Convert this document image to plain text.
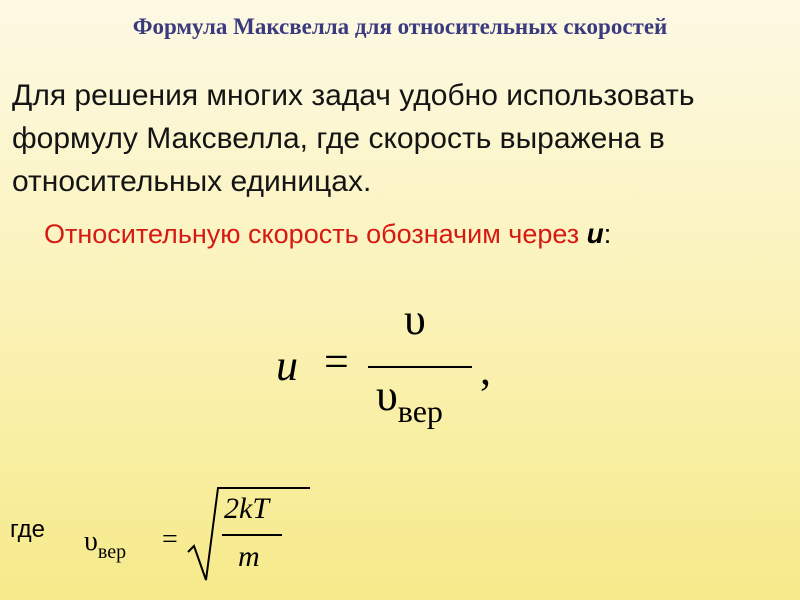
Формула Максвелла для относительных скоростей
Для решения многих задач удобно использовать формулу Максвелла, где скорость выражена в относительных единицах.
Относительную скорость обозначим через u:
u =
υ
$\upsilon_{вер}$
,
где $\upsilon_{вер}$ =
2kT
m
